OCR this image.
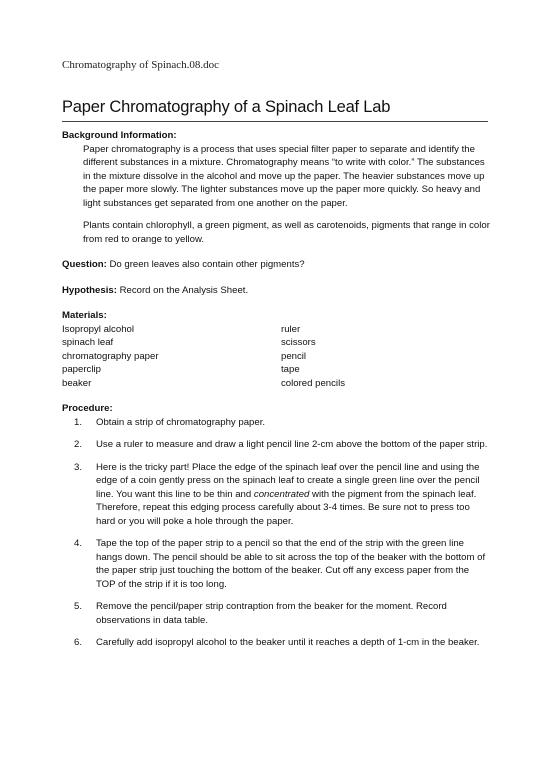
Chromatography of Spinach.08.doc
Paper Chromatography of a Spinach Leaf Lab
Background Information:

Paper chromatography is a process that uses special filter paper to separate and identify the different substances in a mixture. Chromatography means “to write with color.” The substances in the mixture dissolve in the alcohol and move up the paper. The heavier substances move up the paper more slowly. The lighter substances move up the paper more quickly. So heavy and light substances get separated from one another on the paper.

Plants contain chlorophyll, a green pigment, as well as carotenoids, pigments that range in color from red to orange to yellow.

Question: Do green leaves also contain other pigments?

Hypothesis: Record on the Analysis Sheet.

Materials:
Isopropyl alcohol	ruler
spinach leaf	scissors
chromatography paper	pencil
paperclip	tape
beaker	colored pencils
Procedure:
1.	Obtain a strip of chromatography paper.
2.	Use a ruler to measure and draw a light pencil line 2-cm above the bottom of the paper strip.
3.	Here is the tricky part! Place the edge of the spinach leaf over the pencil line and using the edge of a coin gently press on the spinach leaf to create a single green line over the pencil line. You want this line to be thin and concentrated with the pigment from the spinach leaf. Therefore, repeat this edging process carefully about 3-4 times. Be sure not to press too hard or you will poke a hole through the paper.
4.	Tape the top of the paper strip to a pencil so that the end of the strip with the green line hangs down. The pencil should be able to sit across the top of the beaker with the bottom of the paper strip just touching the bottom of the beaker. Cut off any excess paper from the TOP of the strip if it is too long.
5.	Remove the pencil/paper strip contraption from the beaker for the moment. Record observations in data table.
6.	Carefully add isopropyl alcohol to the beaker until it reaches a depth of 1-cm in the beaker.
